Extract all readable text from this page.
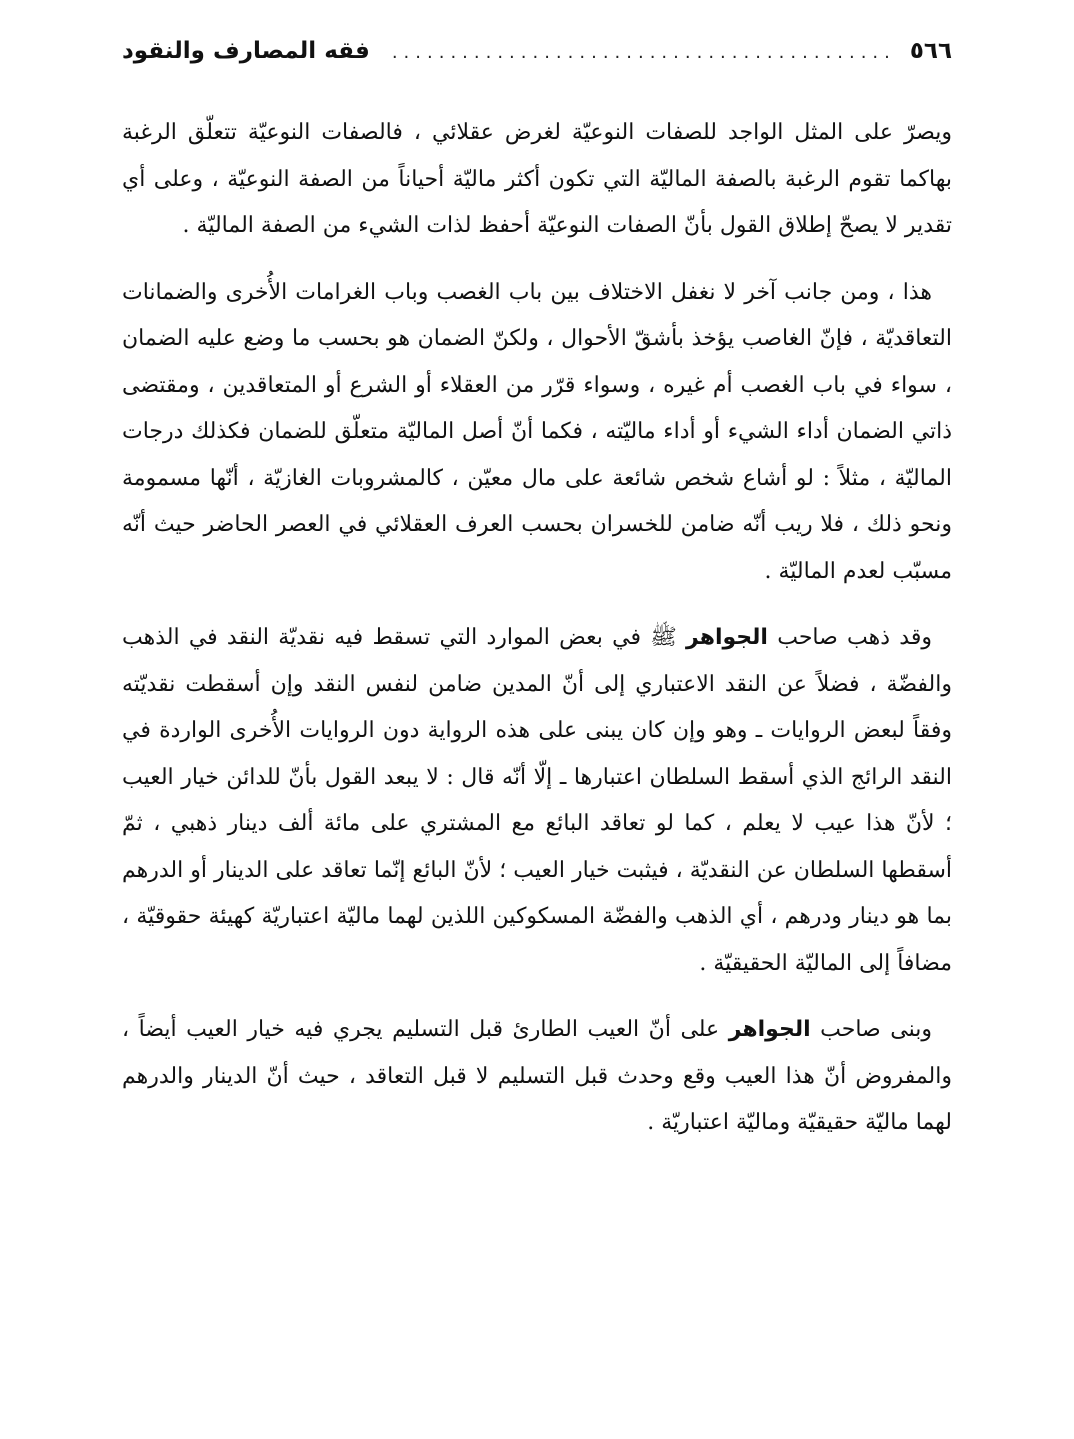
٥٦٦
.....
فقه المصارف والنقود

ويصرّ على المثل الواجد للصفات النوعيّة لغرض عقلائي ، فالصفات النوعيّة تتعلّق الرغبة بهاكما تقوم الرغبة بالصفة الماليّة التي تكون أكثر ماليّة أحياناً من الصفة النوعيّة ، وعلى أي تقدير لا يصحّ إطلاق القول بأنّ الصفات النوعيّة أحفظ لذات الشيء من الصفة الماليّة .

هذا ، ومن جانب آخر لا نغفل الاختلاف بين باب الغصب وباب الغرامات الأُخرى والضمانات التعاقديّة ، فإنّ الغاصب يؤخذ بأشقّ الأحوال ، ولكنّ الضمان هو بحسب ما وضع عليه الضمان ، سواء في باب الغصب أم غيره ، وسواء قرّر من العقلاء أو الشرع أو المتعاقدين ، ومقتضى ذاتي الضمان أداء الشيء أو أداء ماليّته ، فكما أنّ أصل الماليّة متعلّق للضمان فكذلك درجات الماليّة ، مثلاً : لو أشاع شخص شائعة على مال معيّن ، كالمشروبات الغازيّة ، أنّها مسمومة ونحو ذلك ، فلا ريب أنّه ضامن للخسران بحسب العرف العقلائي في العصر الحاضر حيث أنّه مسبّب لعدم الماليّة .

وقد ذهب صاحب الجواهر ﷺ في بعض الموارد التي تسقط فيه نقديّة النقد في الذهب والفضّة ، فضلاً عن النقد الاعتباري إلى أنّ المدين ضامن لنفس النقد وإن أسقطت نقديّته وفقاً لبعض الروايات ـ وهو وإن كان يبنى على هذه الرواية دون الروايات الأُخرى الواردة في النقد الرائج الذي أسقط السلطان اعتبارها ـ إلّا أنّه قال : لا يبعد القول بأنّ للدائن خيار العيب ؛ لأنّ هذا عيب لا يعلم ، كما لو تعاقد البائع مع المشتري على مائة ألف دينار ذهبي ، ثمّ أسقطها السلطان عن النقديّة ، فيثبت خيار العيب ؛ لأنّ البائع إنّما تعاقد على الدينار أو الدرهم بما هو دينار ودرهم ، أي الذهب والفضّة المسكوكين اللذين لهما ماليّة اعتباريّة كهيئة حقوقيّة ، مضافاً إلى الماليّة الحقيقيّة .

وبنى صاحب الجواهر على أنّ العيب الطارئ قبل التسليم يجري فيه خيار العيب أيضاً ، والمفروض أنّ هذا العيب وقع وحدث قبل التسليم لا قبل التعاقد ، حيث أنّ الدينار والدرهم لهما ماليّة حقيقيّة وماليّة اعتباريّة .
